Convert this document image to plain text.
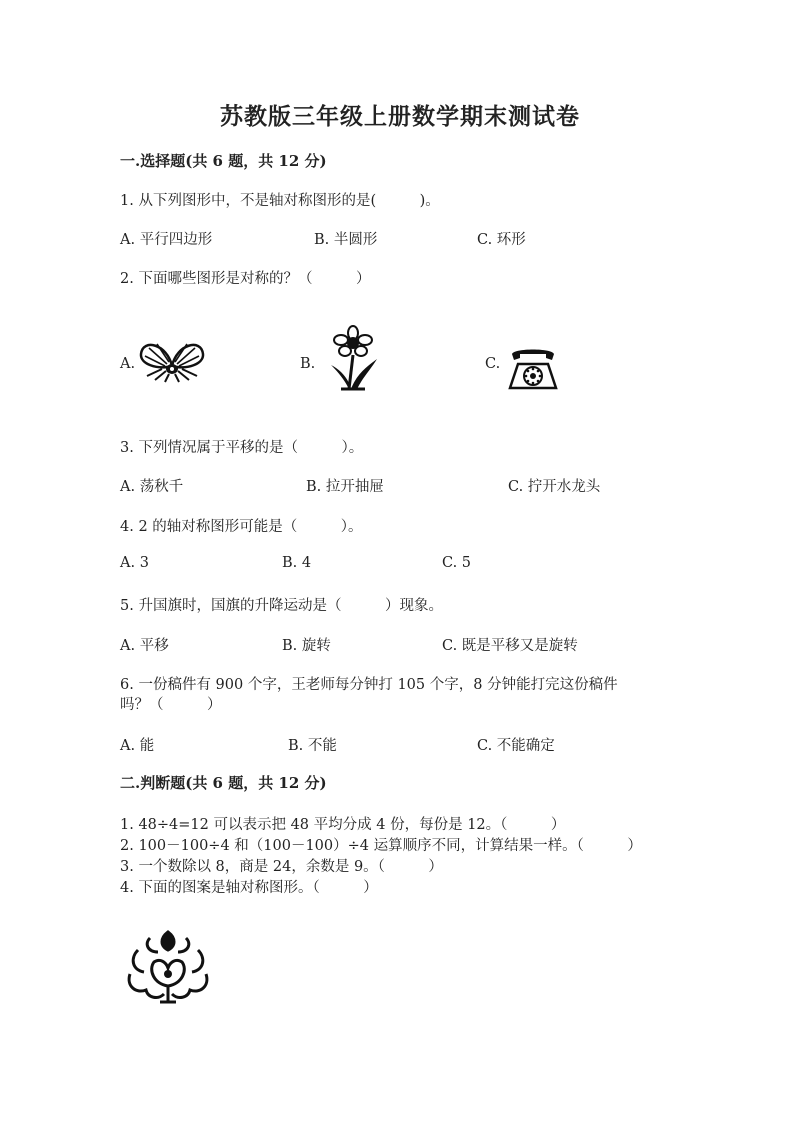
苏教版三年级上册数学期末测试卷
一.选择题(共 6 题，共 12 分)
1. 从下列图形中，不是轴对称图形的是(　　　)。
A. 平行四边形	B. 半圆形	C. 环形
2. 下面哪些图形是对称的？（　　　）
A.	B.	C.
3. 下列情况属于平移的是（　　　）。
A. 荡秋千	B. 拉开抽屉	C. 拧开水龙头
4. 2 的轴对称图形可能是（　　　）。
A. 3	B. 4	C. 5
5. 升国旗时，国旗的升降运动是（　　　）现象。
A. 平移	B. 旋转	C. 既是平移又是旋转
6. 一份稿件有 900 个字，王老师每分钟打 105 个字，8 分钟能打完这份稿件
吗？（　　　）
A. 能	B. 不能	C. 不能确定
二.判断题(共 6 题，共 12 分)
1. 48÷4=12 可以表示把 48 平均分成 4 份，每份是 12。（　　　）
2. 100－100÷4 和（100－100）÷4 运算顺序不同，计算结果一样。（　　　）
3. 一个数除以 8，商是 24，余数是 9。（　　　）
4. 下面的图案是轴对称图形。（　　　）
